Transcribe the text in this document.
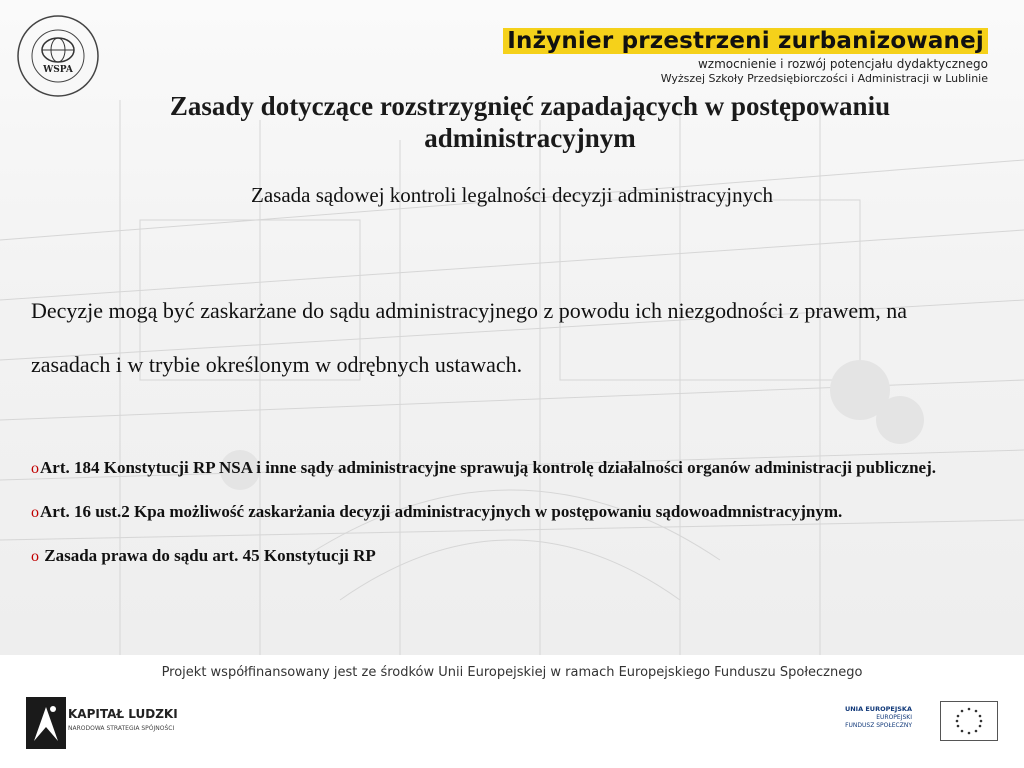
WSPA
Inżynier przestrzeni zurbanizowanej
wzmocnienie i rozwój potencjału dydaktycznego
Wyższej Szkoły Przedsiębiorczości i Administracji w Lublinie
Zasady dotyczące rozstrzygnięć zapadających w postępowaniu administracyjnym
Zasada sądowej kontroli legalności decyzji administracyjnych
Decyzje mogą być zaskarżane do sądu administracyjnego z powodu ich niezgodności z prawem, na zasadach i w trybie określonym w odrębnych ustawach.
oArt. 184 Konstytucji RP NSA i inne sądy administracyjne sprawują kontrolę działalności organów administracji publicznej.
oArt. 16 ust.2 Kpa możliwość zaskarżania decyzji administracyjnych w postępowaniu sądowoadmnistracyjnym.
o Zasada prawa do sądu art. 45 Konstytucji RP
Projekt współfinansowany jest ze środków Unii Europejskiej w ramach Europejskiego Funduszu Społecznego
KAPITAŁ LUDZKI
NARODOWA STRATEGIA SPÓJNOŚCI
UNIA EUROPEJSKA
EUROPEJSKI
FUNDUSZ SPOŁECZNY
